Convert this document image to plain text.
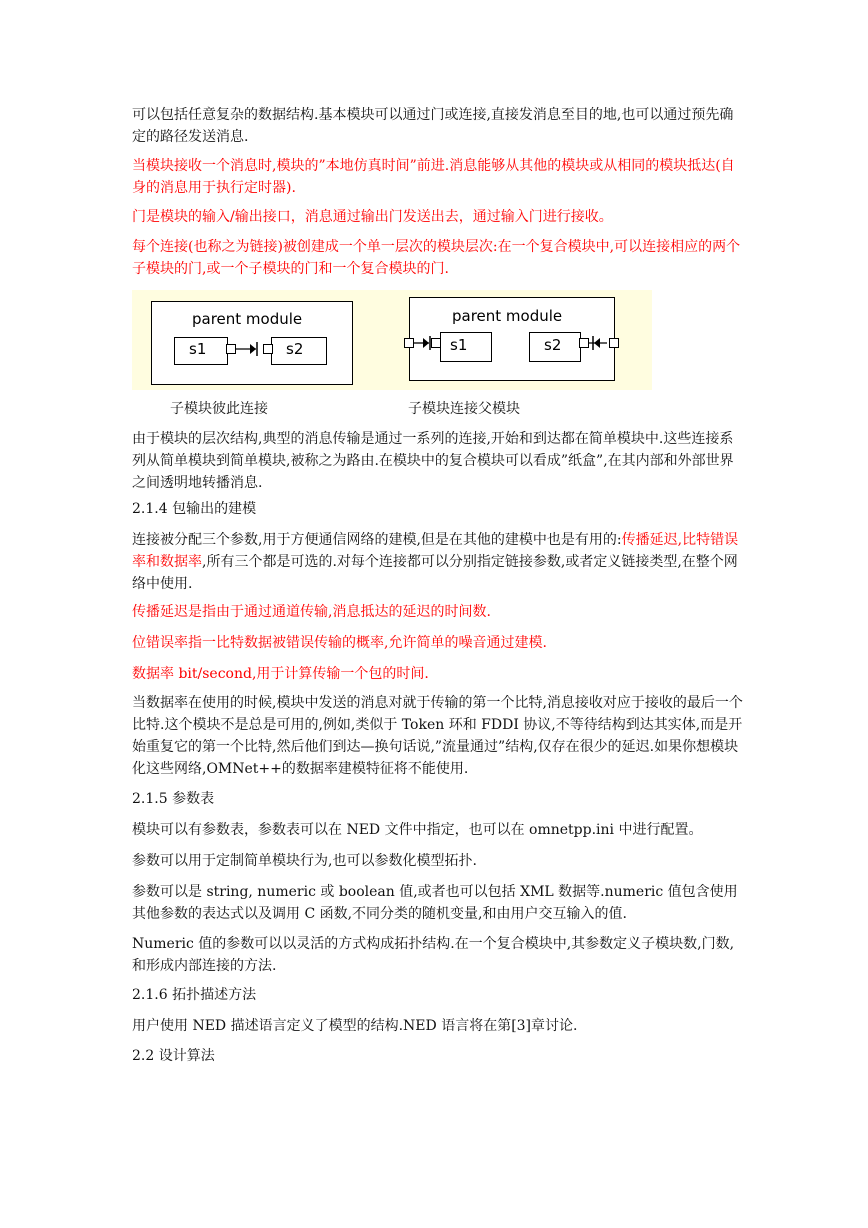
可以包括任意复杂的数据结构.基本模块可以通过门或连接,直接发消息至目的地,也可以通过预先确定的路径发送消息.

当模块接收一个消息时,模块的”本地仿真时间”前进.消息能够从其他的模块或从相同的模块抵达(自身的消息用于执行定时器).

门是模块的输入/输出接口，消息通过输出门发送出去，通过输入门进行接收。

每个连接(也称之为链接)被创建成一个单一层次的模块层次:在一个复合模块中,可以连接相应的两个子模块的门,或一个子模块的门和一个复合模块的门.

parent module
s1	s2
parent module
s1	s2
子模块彼此连接	子模块连接父模块

由于模块的层次结构,典型的消息传输是通过一系列的连接,开始和到达都在简单模块中.这些连接系列从简单模块到简单模块,被称之为路由.在模块中的复合模块可以看成”纸盒”,在其内部和外部世界之间透明地转播消息.

2.1.4 包输出的建模

连接被分配三个参数,用于方便通信网络的建模,但是在其他的建模中也是有用的:传播延迟,比特错误率和数据率,所有三个都是可选的.对每个连接都可以分别指定链接参数,或者定义链接类型,在整个网络中使用.

传播延迟是指由于通过通道传输,消息抵达的延迟的时间数.

位错误率指一比特数据被错误传输的概率,允许简单的噪音通过建模.

数据率 bit/second,用于计算传输一个包的时间.

当数据率在使用的时候,模块中发送的消息对就于传输的第一个比特,消息接收对应于接收的最后一个比特.这个模块不是总是可用的,例如,类似于 Token 环和 FDDI 协议,不等待结构到达其实体,而是开始重复它的第一个比特,然后他们到达—换句话说,”流量通过”结构,仅存在很少的延迟.如果你想模块化这些网络,OMNet++的数据率建模特征将不能使用.

2.1.5 参数表

模块可以有参数表，参数表可以在 NED 文件中指定，也可以在 omnetpp.ini 中进行配置。

参数可以用于定制简单模块行为,也可以参数化模型拓扑.

参数可以是 string, numeric 或 boolean 值,或者也可以包括 XML 数据等.numeric 值包含使用其他参数的表达式以及调用 C 函数,不同分类的随机变量,和由用户交互输入的值.

Numeric 值的参数可以以灵活的方式构成拓扑结构.在一个复合模块中,其参数定义子模块数,门数,和形成内部连接的方法.

2.1.6 拓扑描述方法

用户使用 NED 描述语言定义了模型的结构.NED 语言将在第[3]章讨论.

2.2 设计算法
